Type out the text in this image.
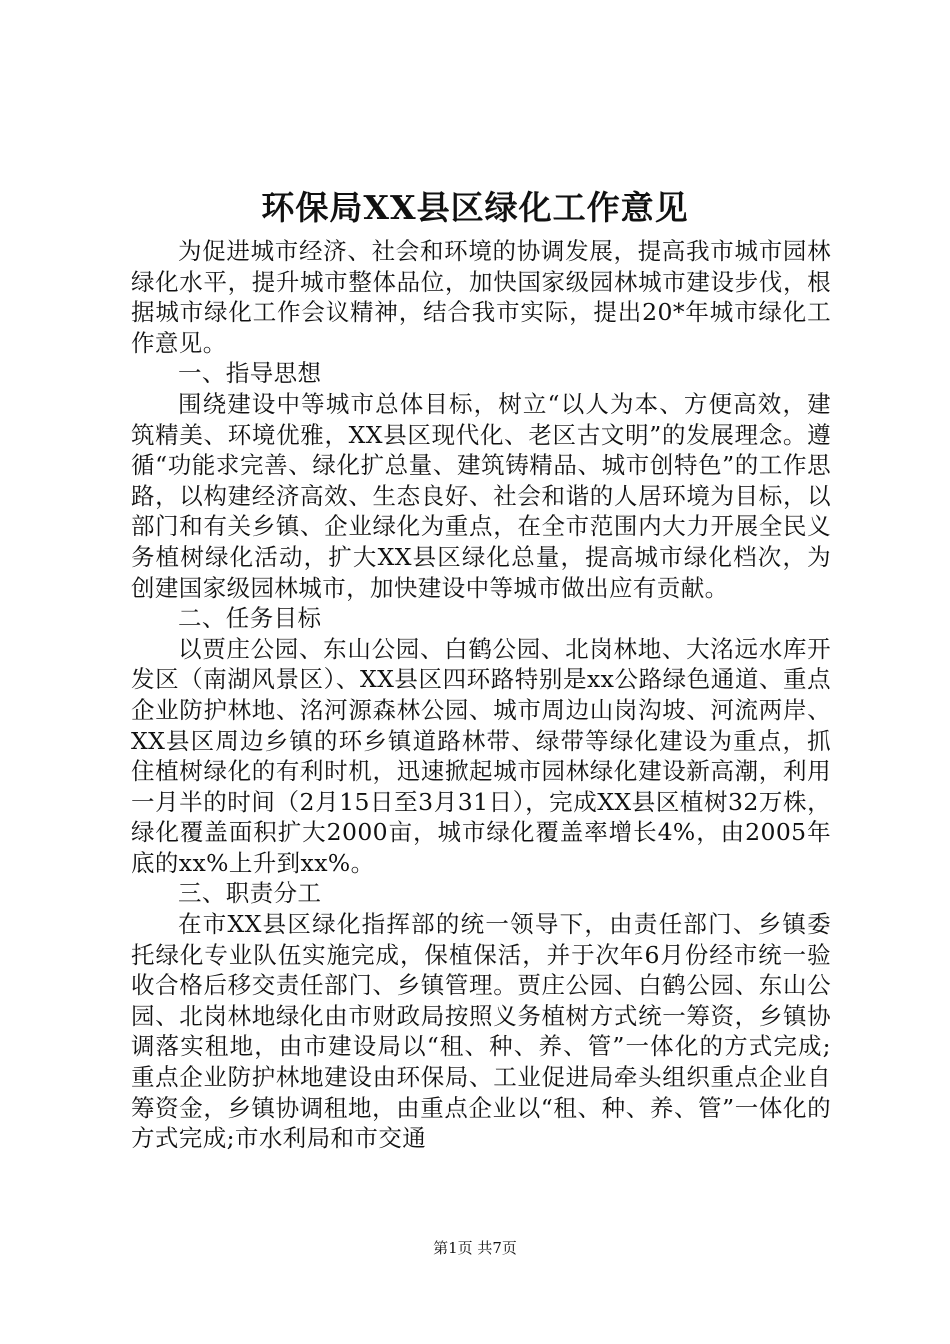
环保局XX县区绿化工作意见

为促进城市经济、社会和环境的协调发展，提高我市城市园林绿化水平，提升城市整体品位，加快国家级园林城市建设步伐，根据城市绿化工作会议精神，结合我市实际，提出20*年城市绿化工作意见。

一、指导思想

围绕建设中等城市总体目标，树立“以人为本、方便高效，建筑精美、环境优雅，XX县区现代化、老区古文明”的发展理念。遵循“功能求完善、绿化扩总量、建筑铸精品、城市创特色”的工作思路，以构建经济高效、生态良好、社会和谐的人居环境为目标，以部门和有关乡镇、企业绿化为重点，在全市范围内大力开展全民义务植树绿化活动，扩大XX县区绿化总量，提高城市绿化档次，为创建国家级园林城市，加快建设中等城市做出应有贡献。

二、任务目标

以贾庄公园、东山公园、白鹤公园、北岗林地、大洺远水库开发区（南湖风景区）、XX县区四环路特别是xx公路绿色通道、重点企业防护林地、洺河源森林公园、城市周边山岗沟坡、河流两岸、XX县区周边乡镇的环乡镇道路林带、绿带等绿化建设为重点，抓住植树绿化的有利时机，迅速掀起城市园林绿化建设新高潮，利用一月半的时间（2月15日至3月31日），完成XX县区植树32万株，绿化覆盖面积扩大2000亩，城市绿化覆盖率增长4%，由2005年底的xx%上升到xx%。

三、职责分工

在市XX县区绿化指挥部的统一领导下，由责任部门、乡镇委托绿化专业队伍实施完成，保植保活，并于次年6月份经市统一验收合格后移交责任部门、乡镇管理。贾庄公园、白鹤公园、东山公园、北岗林地绿化由市财政局按照义务植树方式统一筹资，乡镇协调落实租地，由市建设局以“租、种、养、管”一体化的方式完成;重点企业防护林地建设由环保局、工业促进局牵头组织重点企业自筹资金，乡镇协调租地，由重点企业以“租、种、养、管”一体化的方式完成;市水利局和市交通

第1页 共7页
